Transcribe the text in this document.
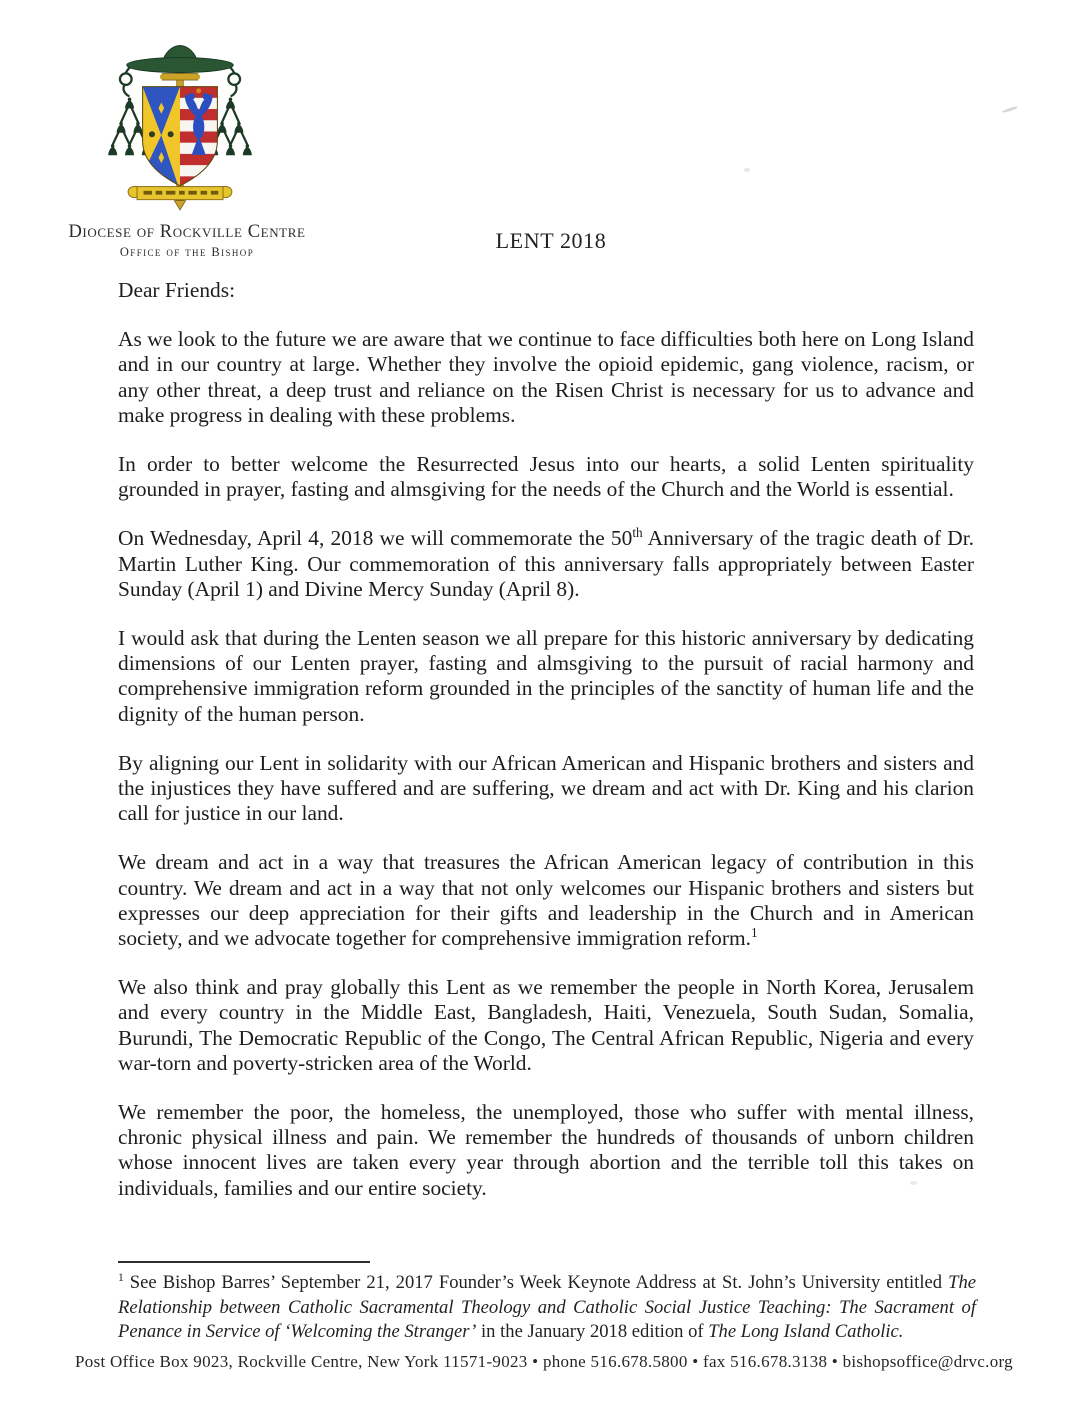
Diocese of Rockville Centre
Office of the Bishop	LENT 2018

Dear Friends:

As we look to the future we are aware that we continue to face difficulties both here on Long Island and in our country at large. Whether they involve the opioid epidemic, gang violence, racism, or any other threat, a deep trust and reliance on the Risen Christ is necessary for us to advance and make progress in dealing with these problems.

In order to better welcome the Resurrected Jesus into our hearts, a solid Lenten spirituality grounded in prayer, fasting and almsgiving for the needs of the Church and the World is essential.

On Wednesday, April 4, 2018 we will commemorate the 50th Anniversary of the tragic death of Dr. Martin Luther King. Our commemoration of this anniversary falls appropriately between Easter Sunday (April 1) and Divine Mercy Sunday (April 8).

I would ask that during the Lenten season we all prepare for this historic anniversary by dedicating dimensions of our Lenten prayer, fasting and almsgiving to the pursuit of racial harmony and comprehensive immigration reform grounded in the principles of the sanctity of human life and the dignity of the human person.

By aligning our Lent in solidarity with our African American and Hispanic brothers and sisters and the injustices they have suffered and are suffering, we dream and act with Dr. King and his clarion call for justice in our land.

We dream and act in a way that treasures the African American legacy of contribution in this country. We dream and act in a way that not only welcomes our Hispanic brothers and sisters but expresses our deep appreciation for their gifts and leadership in the Church and in American society, and we advocate together for comprehensive immigration reform.$^1$

We also think and pray globally this Lent as we remember the people in North Korea, Jerusalem and every country in the Middle East, Bangladesh, Haiti, Venezuela, South Sudan, Somalia, Burundi, The Democratic Republic of the Congo, The Central African Republic, Nigeria and every war-torn and poverty-stricken area of the World.

We remember the poor, the homeless, the unemployed, those who suffer with mental illness, chronic physical illness and pain. We remember the hundreds of thousands of unborn children whose innocent lives are taken every year through abortion and the terrible toll this takes on individuals, families and our entire society.

$^1$ See Bishop Barres’ September 21, 2017 Founder’s Week Keynote Address at St. John’s University entitled The Relationship between Catholic Sacramental Theology and Catholic Social Justice Teaching: The Sacrament of Penance in Service of ‘Welcoming the Stranger’ in the January 2018 edition of The Long Island Catholic.
Post Office Box 9023, Rockville Centre, New York 11571-9023 • phone 516.678.5800 • fax 516.678.3138 • bishopsoffice@drvc.org
